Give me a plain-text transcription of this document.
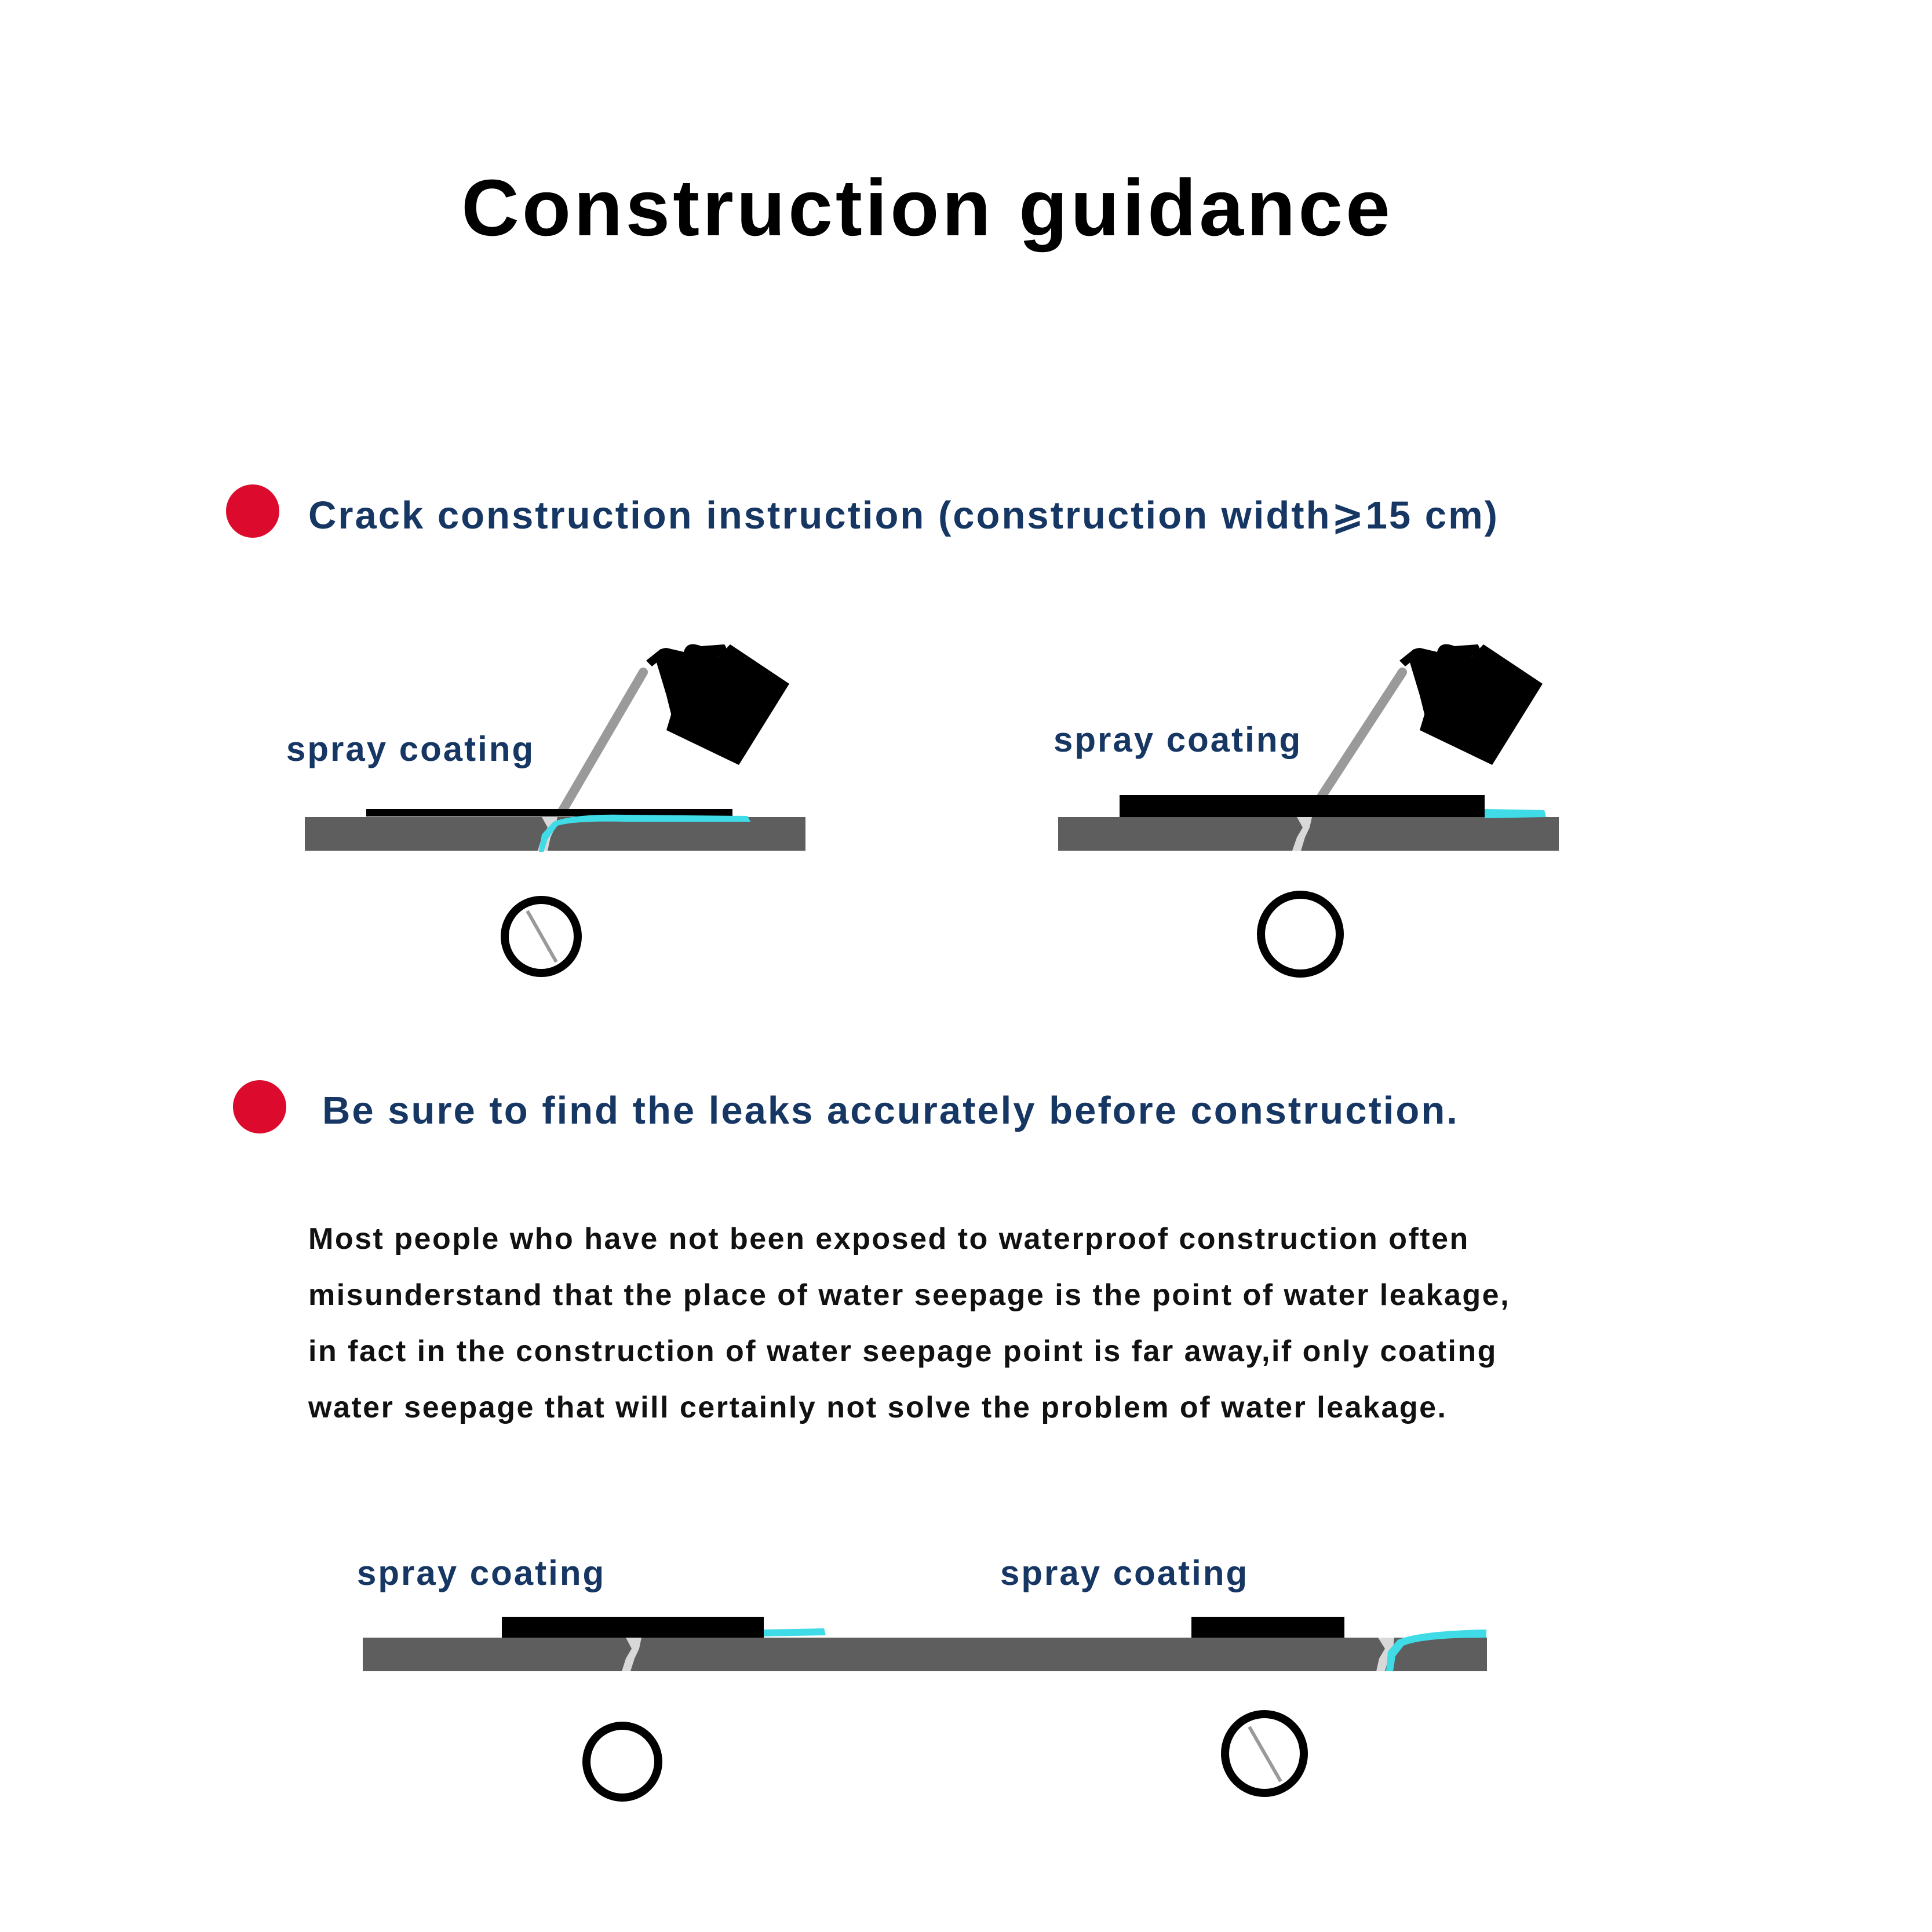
Construction guidance
Crack construction instruction (construction width⩾15 cm)
Be sure to find the leaks accurately before construction.

Most people who have not been exposed to waterproof construction often

misunderstand that the place of water seepage is the point of water leakage,

in fact in the construction of water seepage point is far away,if only coating

water seepage that will certainly not solve the problem of water leakage.

spray coating	spray coating
spray coating	spray coating
